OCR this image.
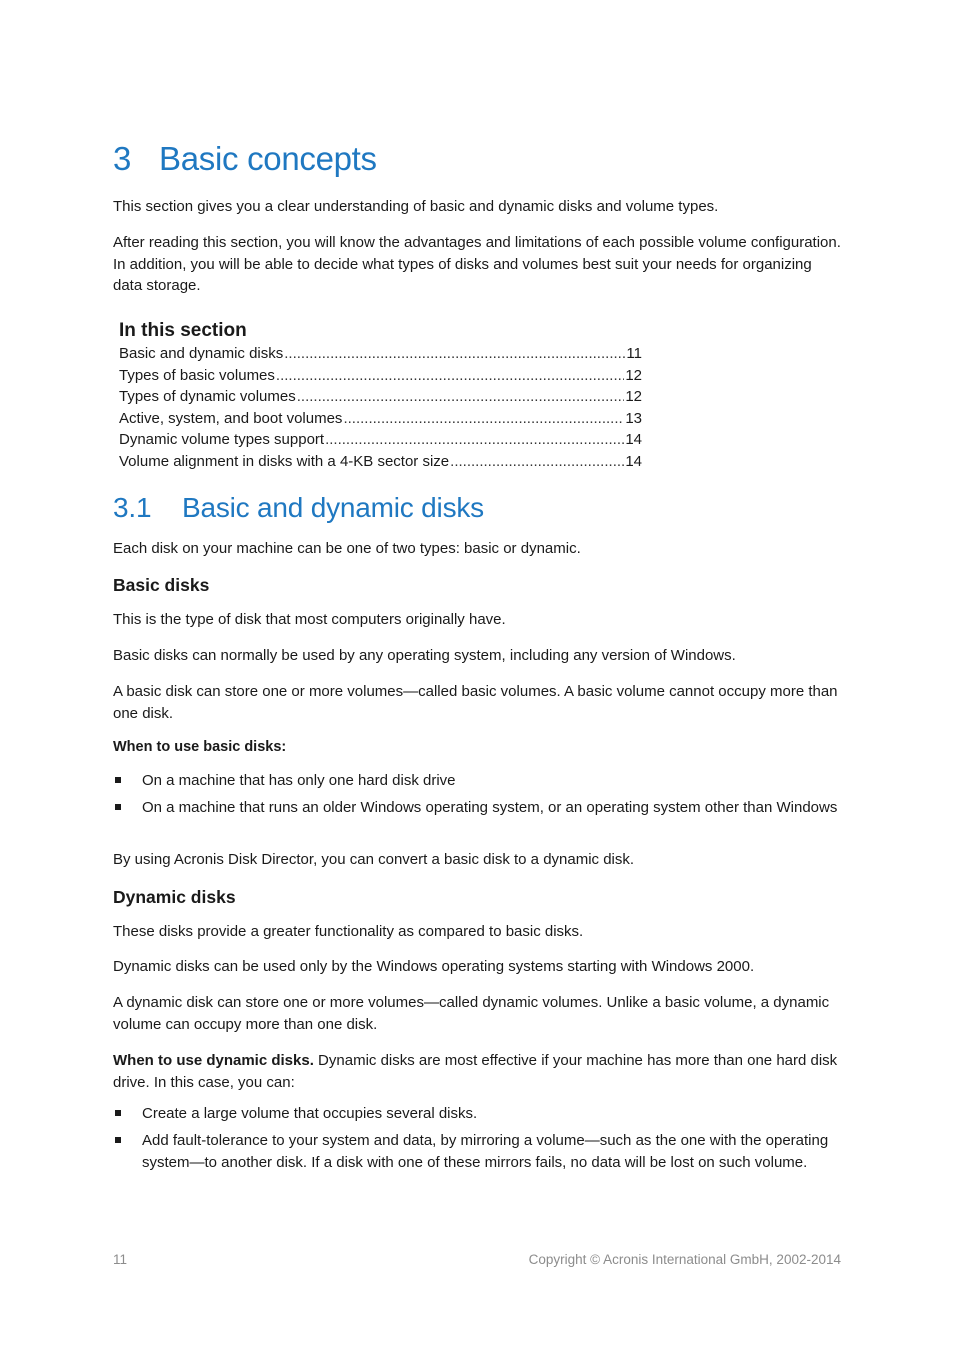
3 Basic concepts

This section gives you a clear understanding of basic and dynamic disks and volume types.

After reading this section, you will know the advantages and limitations of each possible volume configuration. In addition, you will be able to decide what types of disks and volumes best suit your needs for organizing data storage.

In this section
Basic and dynamic disks .....	11
Types of basic volumes .....	12
Types of dynamic volumes .....	12
Active, system, and boot volumes .....	13
Dynamic volume types support .....	14
Volume alignment in disks with a 4-KB sector size .....	14
3.1 Basic and dynamic disks

Each disk on your machine can be one of two types: basic or dynamic.

Basic disks

This is the type of disk that most computers originally have.

Basic disks can normally be used by any operating system, including any version of Windows.

A basic disk can store one or more volumes—called basic volumes. A basic volume cannot occupy more than one disk.

When to use basic disks:
On a machine that has only one hard disk drive
On a machine that runs an older Windows operating system, or an operating system other than Windows

By using Acronis Disk Director, you can convert a basic disk to a dynamic disk.

Dynamic disks

These disks provide a greater functionality as compared to basic disks.

Dynamic disks can be used only by the Windows operating systems starting with Windows 2000.

A dynamic disk can store one or more volumes—called dynamic volumes. Unlike a basic volume, a dynamic volume can occupy more than one disk.

When to use dynamic disks. Dynamic disks are most effective if your machine has more than one hard disk drive. In this case, you can:

Create a large volume that occupies several disks.
Add fault-tolerance to your system and data, by mirroring a volume—such as the one with the operating system—to another disk. If a disk with one of these mirrors fails, no data will be lost on such volume.
11	Copyright © Acronis International GmbH, 2002-2014
